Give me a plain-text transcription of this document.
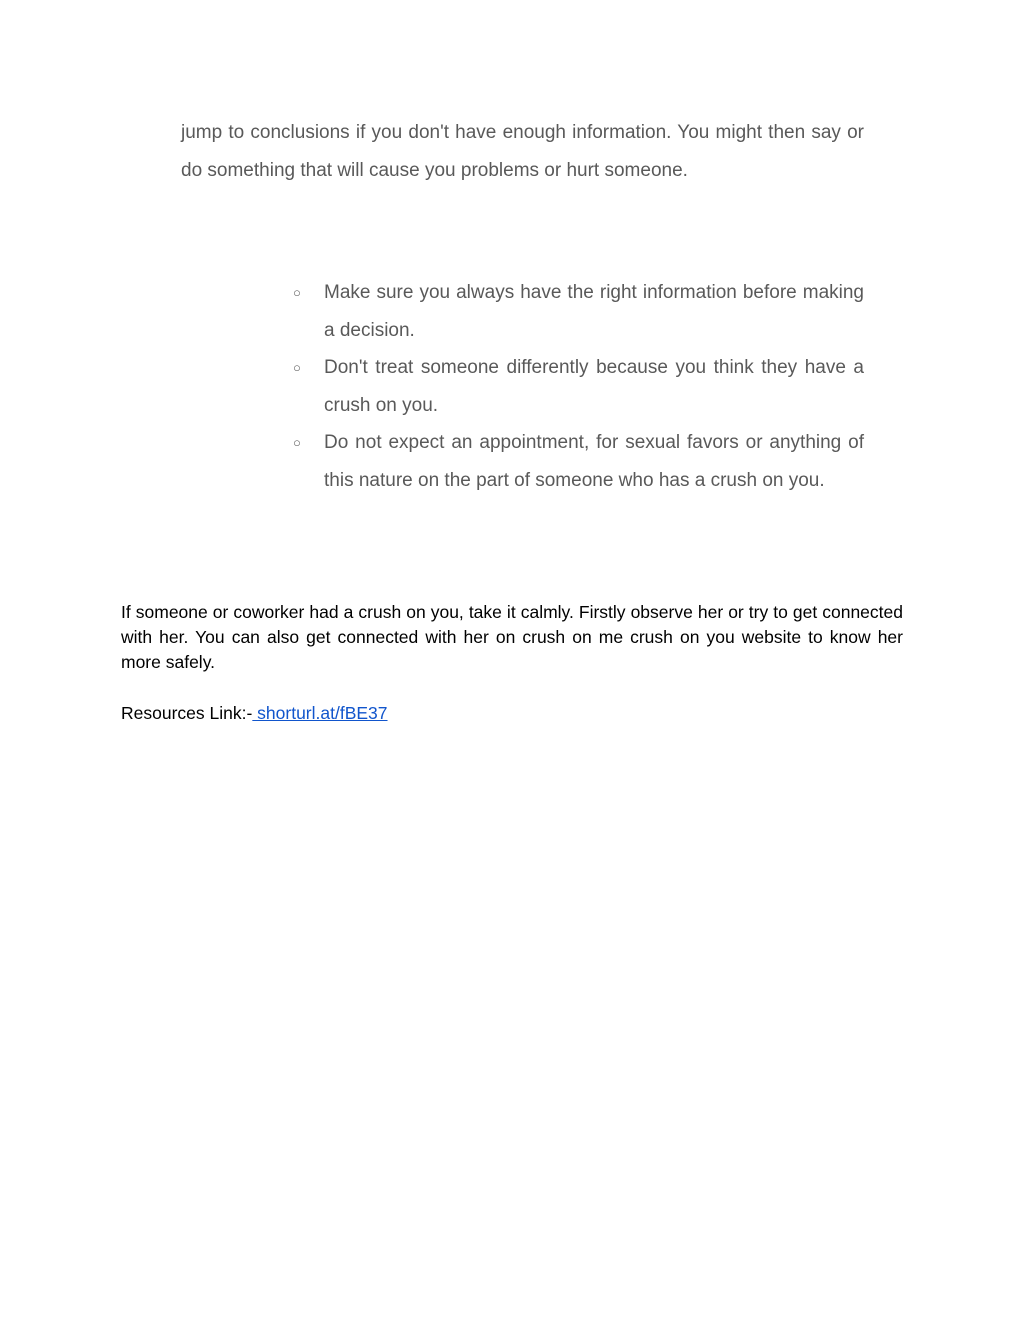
jump to conclusions if you don't have enough information. You might then say or do something that will cause you problems or hurt someone.

○	Make sure you always have the right information before making a decision.
○	Don't treat someone differently because you think they have a crush on you.
○	Do not expect an appointment, for sexual favors or anything of this nature on the part of someone who has a crush on you.

If someone or coworker had a crush on you, take it calmly. Firstly observe her or try to get connected with her. You can also get connected with her on crush on me crush on you website to know her more safely.

Resources Link:- shorturl.at/fBE37
